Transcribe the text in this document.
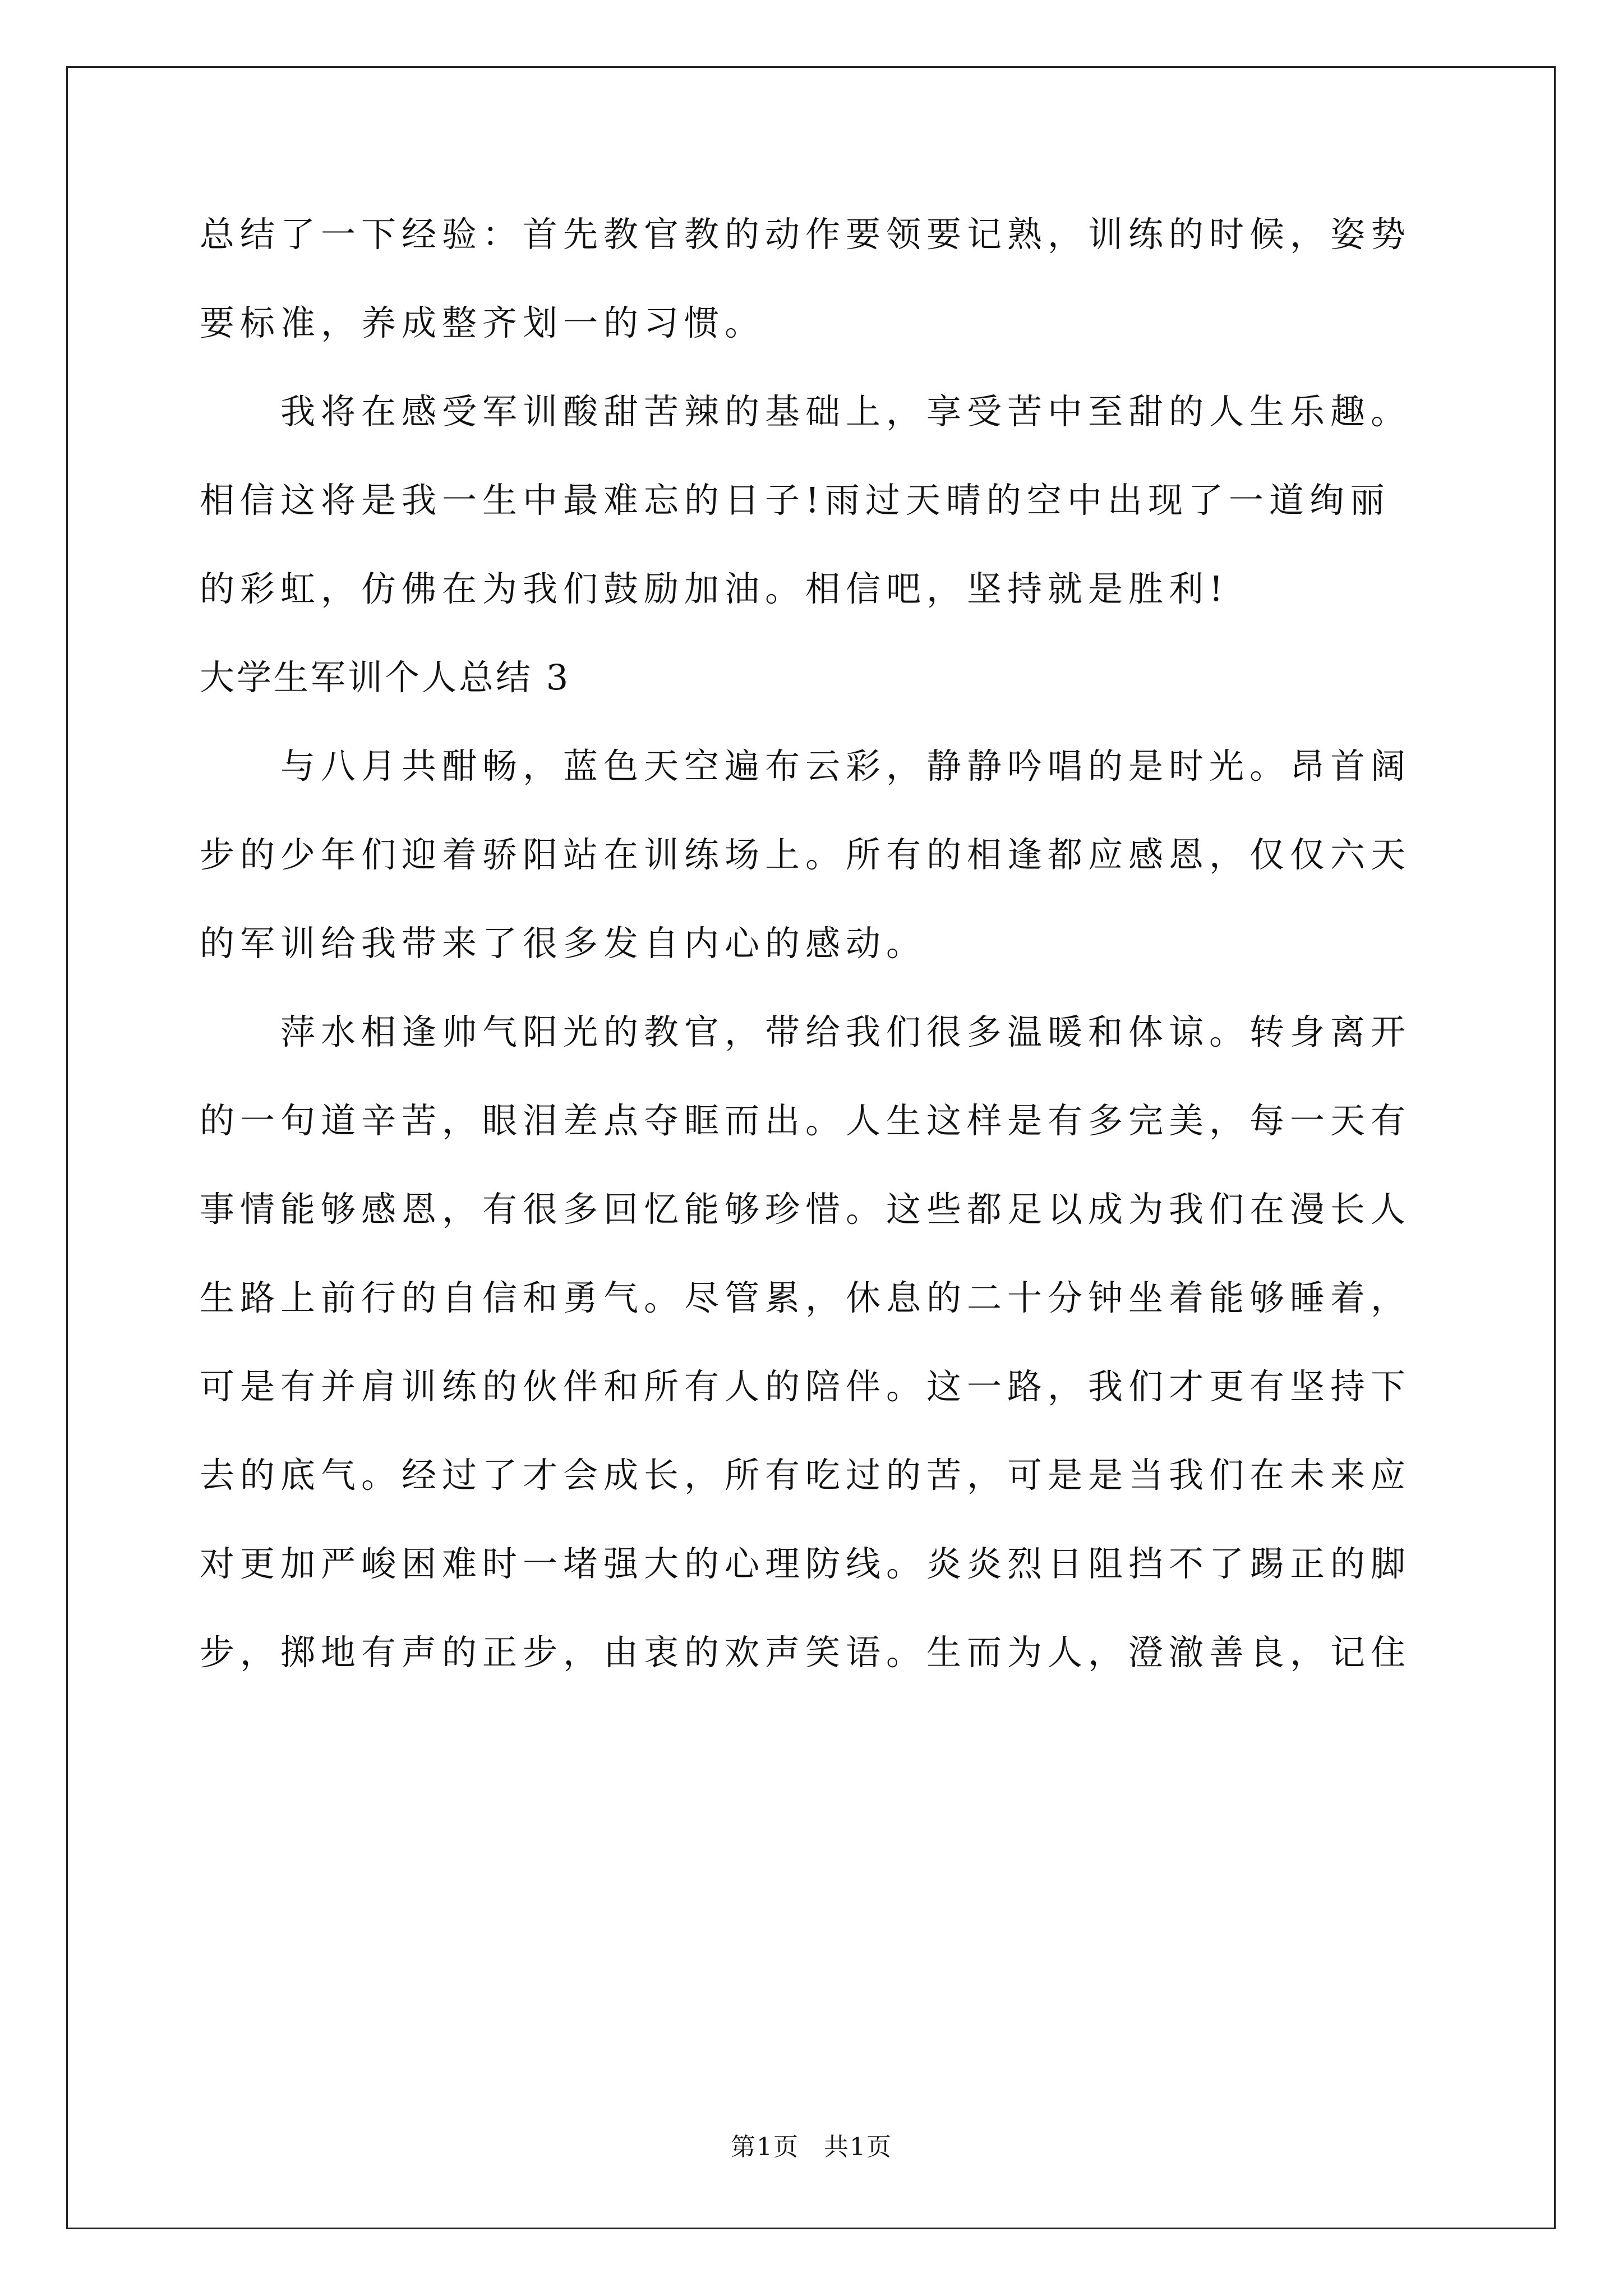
总结了一下经验：首先教官教的动作要领要记熟，训练的时候，姿势
要标准，养成整齐划一的习惯。
我将在感受军训酸甜苦辣的基础上，享受苦中至甜的人生乐趣。
相信这将是我一生中最难忘的日子!雨过天晴的空中出现了一道绚丽
的彩虹，仿佛在为我们鼓励加油。相信吧，坚持就是胜利!
大学生军训个人总结 3
与八月共酣畅，蓝色天空遍布云彩，静静吟唱的是时光。昂首阔
步的少年们迎着骄阳站在训练场上。所有的相逢都应感恩，仅仅六天
的军训给我带来了很多发自内心的感动。
萍水相逢帅气阳光的教官，带给我们很多温暖和体谅。转身离开
的一句道辛苦，眼泪差点夺眶而出。人生这样是有多完美，每一天有
事情能够感恩，有很多回忆能够珍惜。这些都足以成为我们在漫长人
生路上前行的自信和勇气。尽管累，休息的二十分钟坐着能够睡着，
可是有并肩训练的伙伴和所有人的陪伴。这一路，我们才更有坚持下
去的底气。经过了才会成长，所有吃过的苦，可是是当我们在未来应
对更加严峻困难时一堵强大的心理防线。炎炎烈日阻挡不了踢正的脚
步，掷地有声的正步，由衷的欢声笑语。生而为人，澄澈善良，记住
第1页 共1页
